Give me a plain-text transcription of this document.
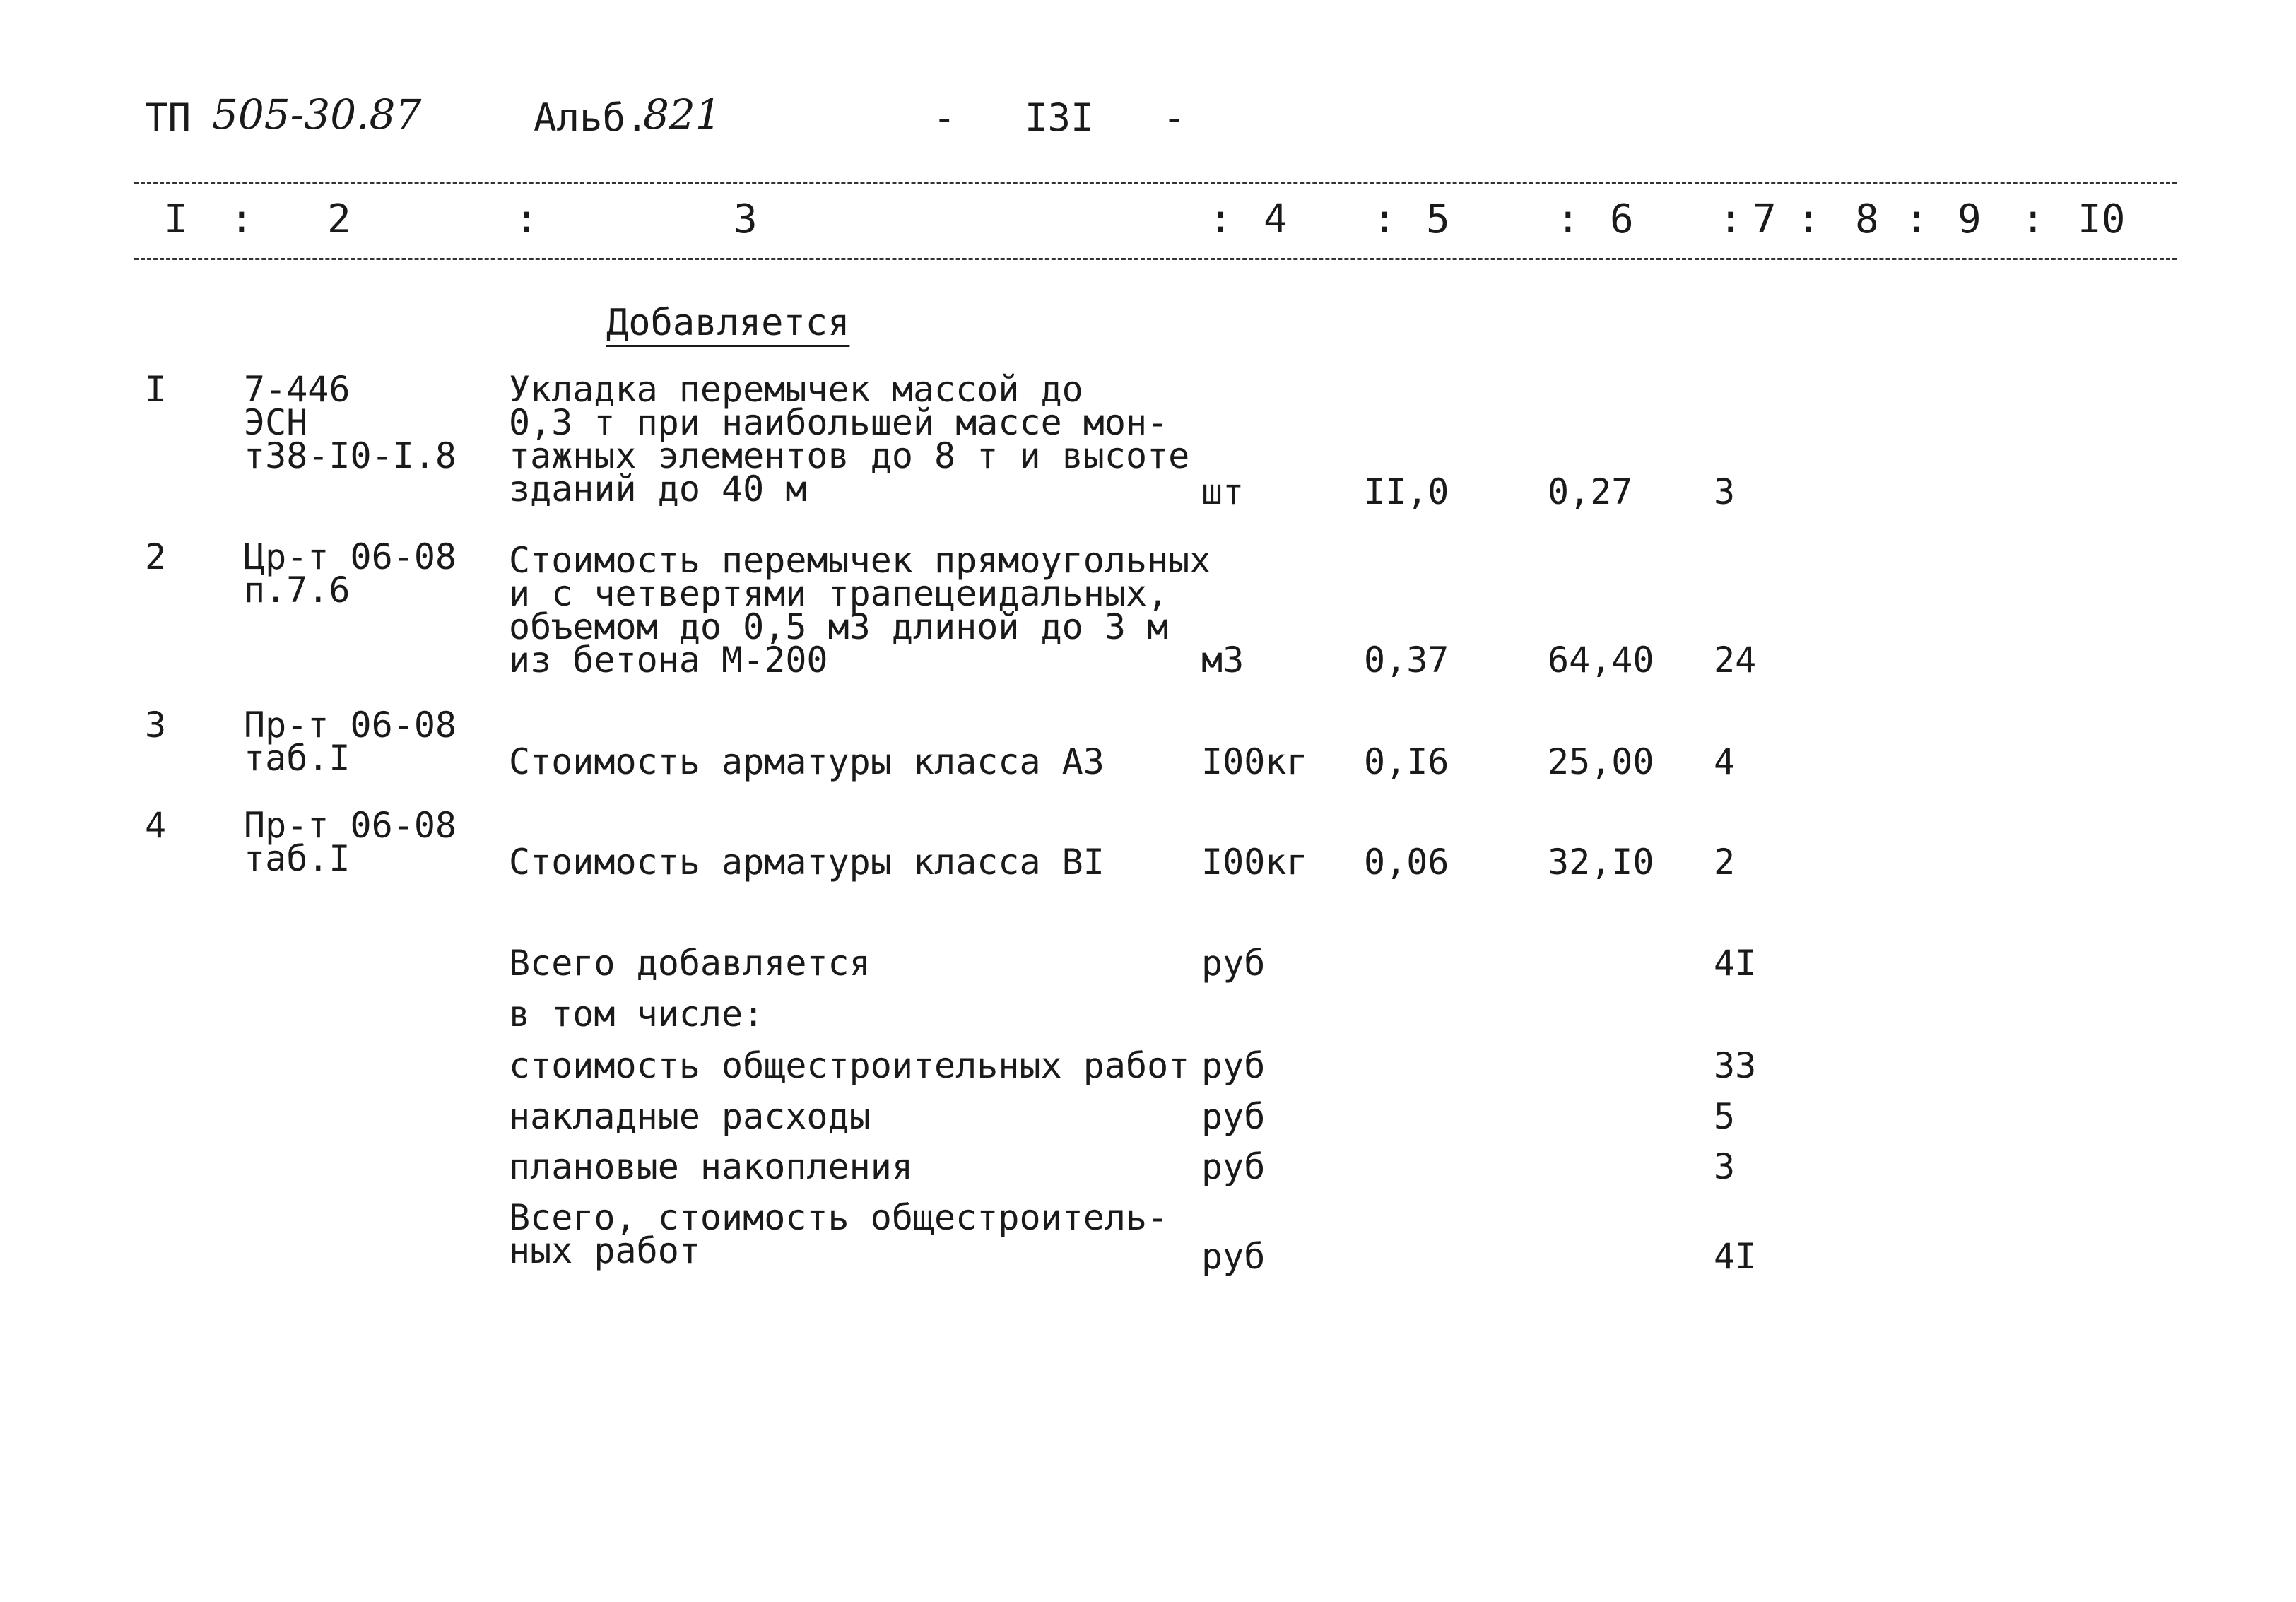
ТП 505-30.87	Альб.
821	-   I3I   -
I : 2	:	3	: 4 : 5	: 6 : 7 : 8 : 9 : I0
Добавляется
I 7-446
ЭСН
т38-I0-I.8
Укладка перемычек массой до
0,3 т при наибольшей массе мон-
тажных элементов до 8 т и высоте
зданий до 40 м	шт	II,0	0,27 3
2 Цр-т 06-08
п.7.6
Стоимость перемычек прямоугольных
и с четвертями трапецеидальных,
объемом до 0,5 м3 длиной до 3 м
из бетона М-200	м3	0,37	64,40 24
3 Пр-т 06-08
таб.I	Стоимость арматуры класса А3	I00кг 0,I6	25,00 4
4 Пр-т 06-08
таб.I	Стоимость арматуры класса BI	I00кг 0,06	32,I0 2
Всего добавляется	руб	4I
в том числе:
стоимость общестроительных работ руб	33
накладные расходы	руб	5
плановые накопления	руб	3
Всего, стоимость общестроитель-
ных работ	руб	4I
